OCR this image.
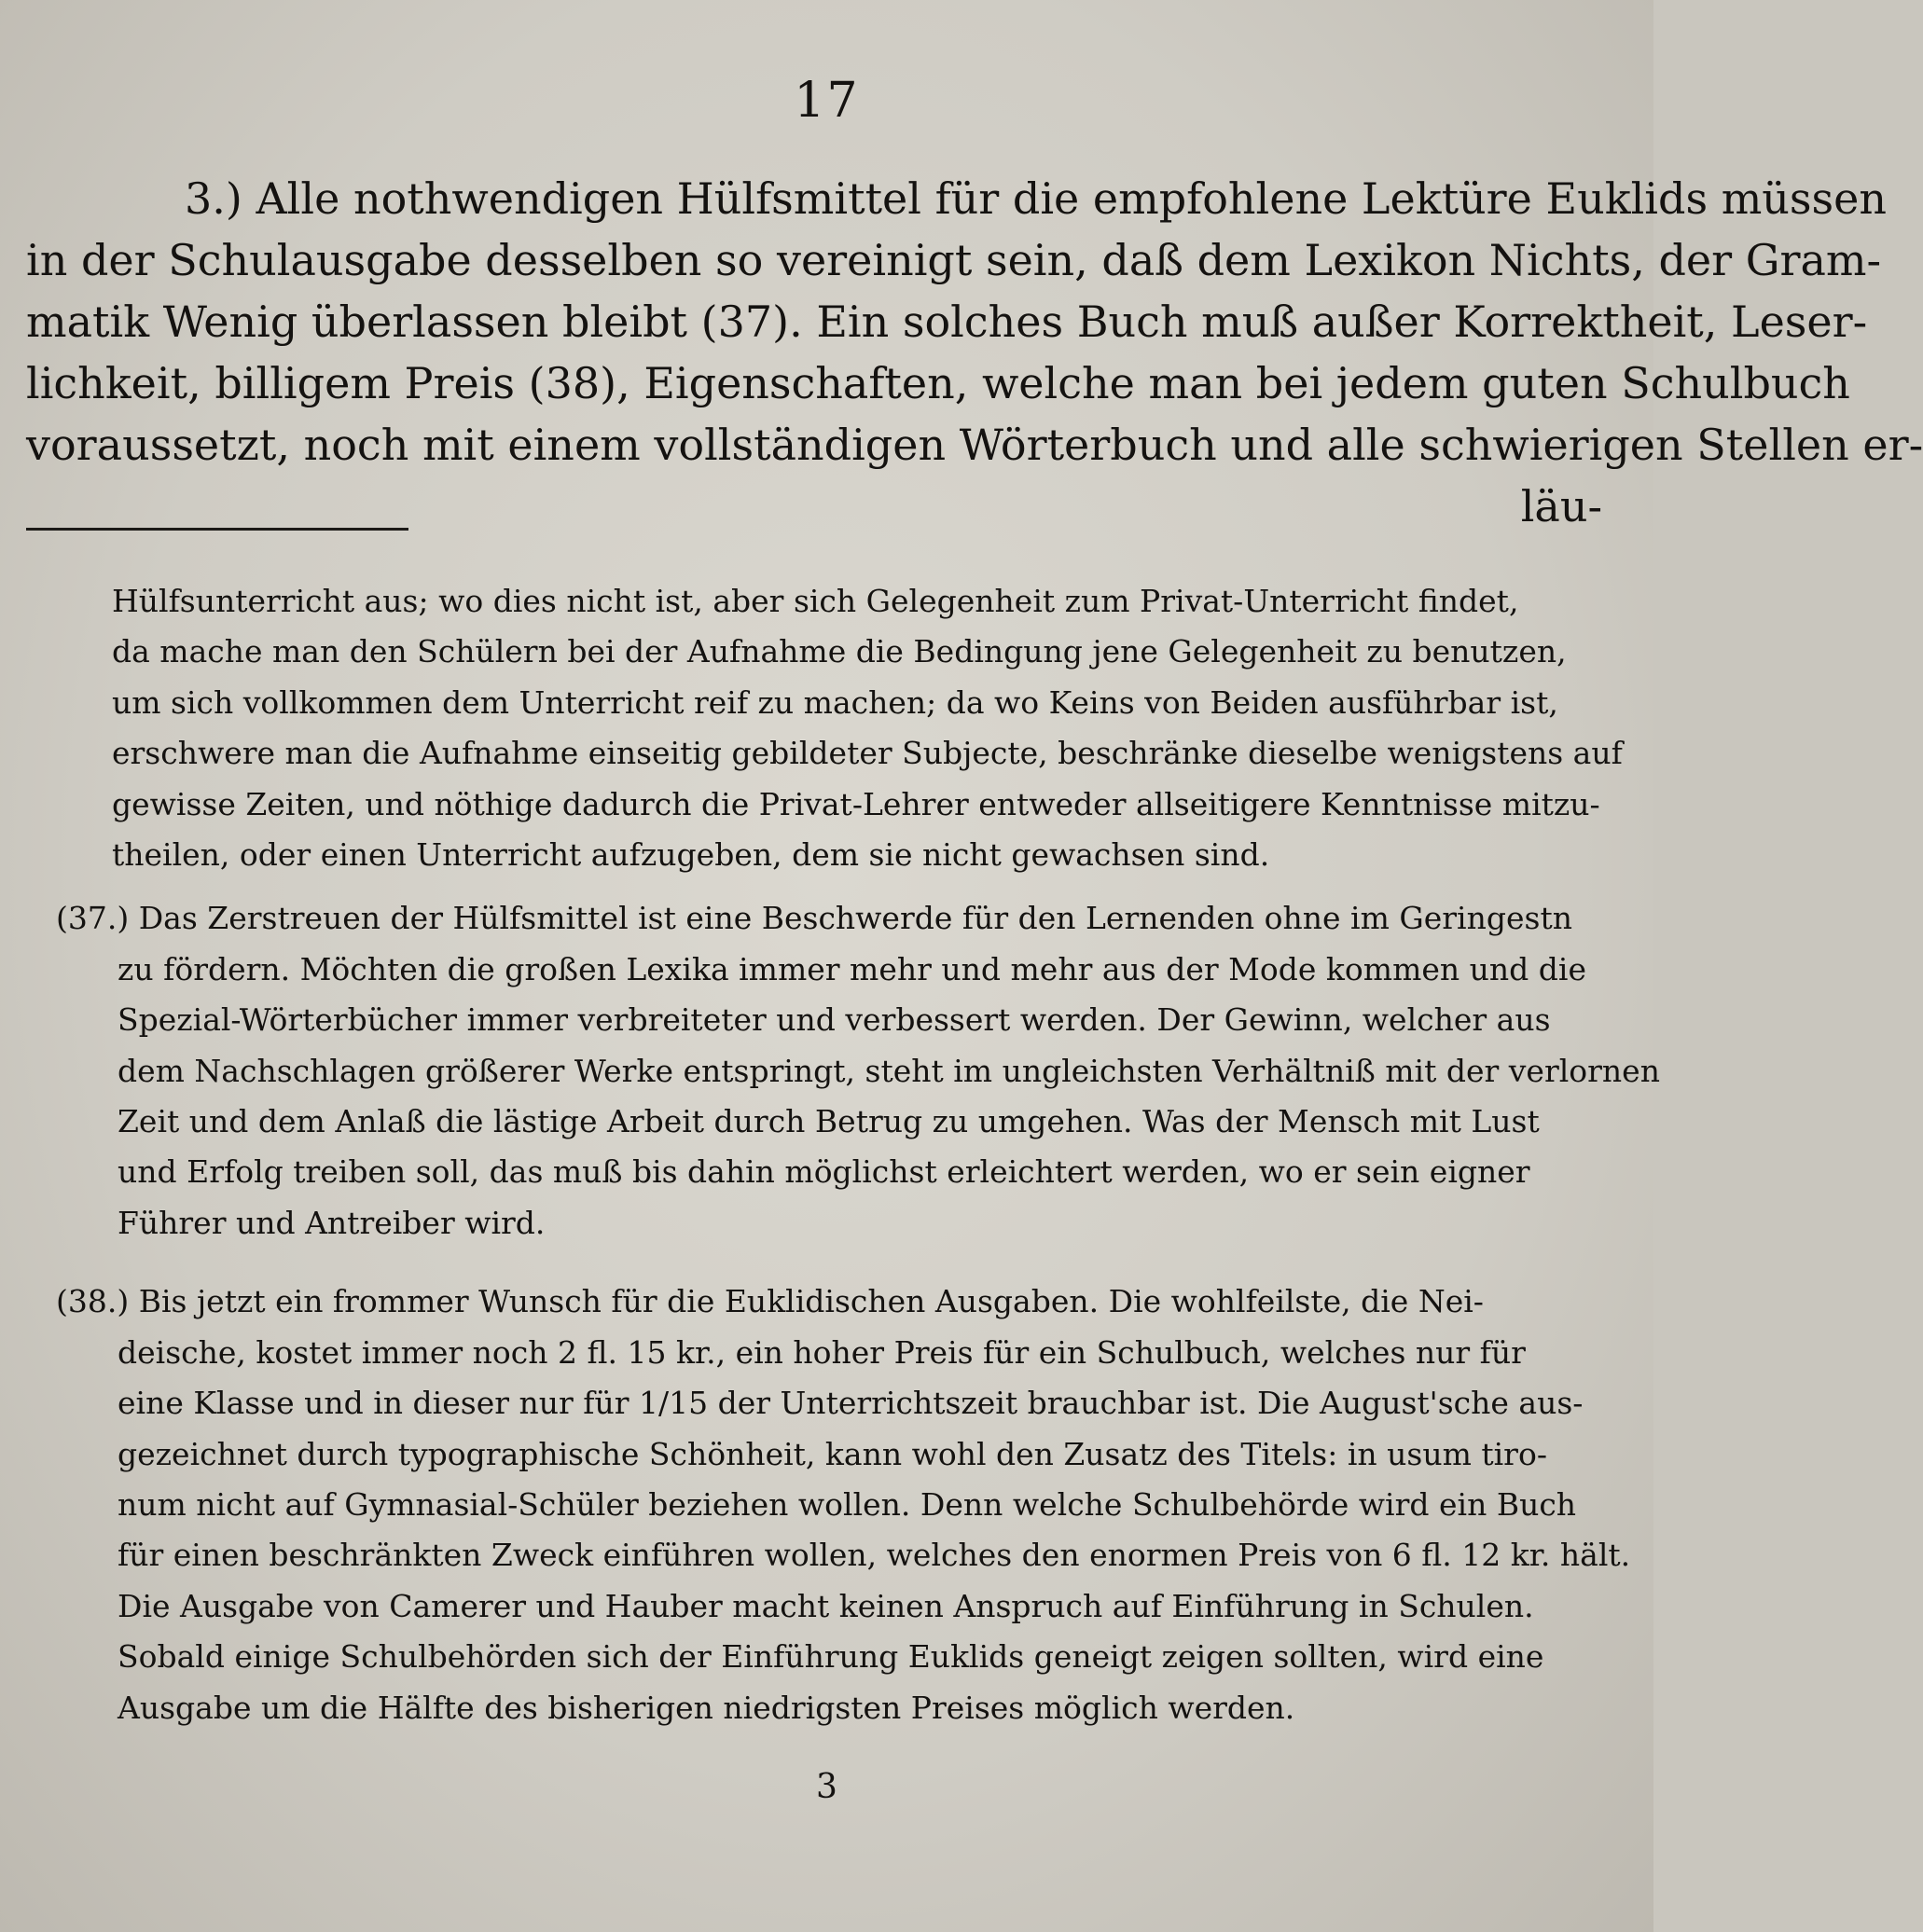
17
3.) Alle nothwendigen Hülfsmittel für die empfohlene Lektüre Euklids müssen
in der Schulausgabe desselben so vereinigt sein, daß dem Lexikon Nichts, der Gram-
matik Wenig überlassen bleibt (37). Ein solches Buch muß außer Korrektheit, Leser-
lichkeit, billigem Preis (38), Eigenschaften, welche man bei jedem guten Schulbuch
voraussetzt, noch mit einem vollständigen Wörterbuch und alle schwierigen Stellen er-
läu-
Hülfsunterricht aus; wo dies nicht ist, aber sich Gelegenheit zum Privat-Unterricht findet,
da mache man den Schülern bei der Aufnahme die Bedingung jene Gelegenheit zu benutzen,
um sich vollkommen dem Unterricht reif zu machen; da wo Keins von Beiden ausführbar ist,
erschwere man die Aufnahme einseitig gebildeter Subjecte, beschränke dieselbe wenigstens auf
gewisse Zeiten, und nöthige dadurch die Privat-Lehrer entweder allseitigere Kenntnisse mitzu-
theilen, oder einen Unterricht aufzugeben, dem sie nicht gewachsen sind.
(37.) Das Zerstreuen der Hülfsmittel ist eine Beschwerde für den Lernenden ohne im Geringestn
zu fördern. Möchten die großen Lexika immer mehr und mehr aus der Mode kommen und die
Spezial-Wörterbücher immer verbreiteter und verbessert werden. Der Gewinn, welcher aus
dem Nachschlagen größerer Werke entspringt, steht im ungleichsten Verhältniß mit der verlornen
Zeit und dem Anlaß die lästige Arbeit durch Betrug zu umgehen. Was der Mensch mit Lust
und Erfolg treiben soll, das muß bis dahin möglichst erleichtert werden, wo er sein eigner
Führer und Antreiber wird.
(38.) Bis jetzt ein frommer Wunsch für die Euklidischen Ausgaben. Die wohlfeilste, die Nei-
deische, kostet immer noch 2 fl. 15 kr., ein hoher Preis für ein Schulbuch, welches nur für
eine Klasse und in dieser nur für 1/15 der Unterrichtszeit brauchbar ist. Die August'sche aus-
gezeichnet durch typographische Schönheit, kann wohl den Zusatz des Titels: in usum tiro-
num nicht auf Gymnasial-Schüler beziehen wollen. Denn welche Schulbehörde wird ein Buch
für einen beschränkten Zweck einführen wollen, welches den enormen Preis von 6 fl. 12 kr. hält.
Die Ausgabe von Camerer und Hauber macht keinen Anspruch auf Einführung in Schulen.
Sobald einige Schulbehörden sich der Einführung Euklids geneigt zeigen sollten, wird eine
Ausgabe um die Hälfte des bisherigen niedrigsten Preises möglich werden.
3
